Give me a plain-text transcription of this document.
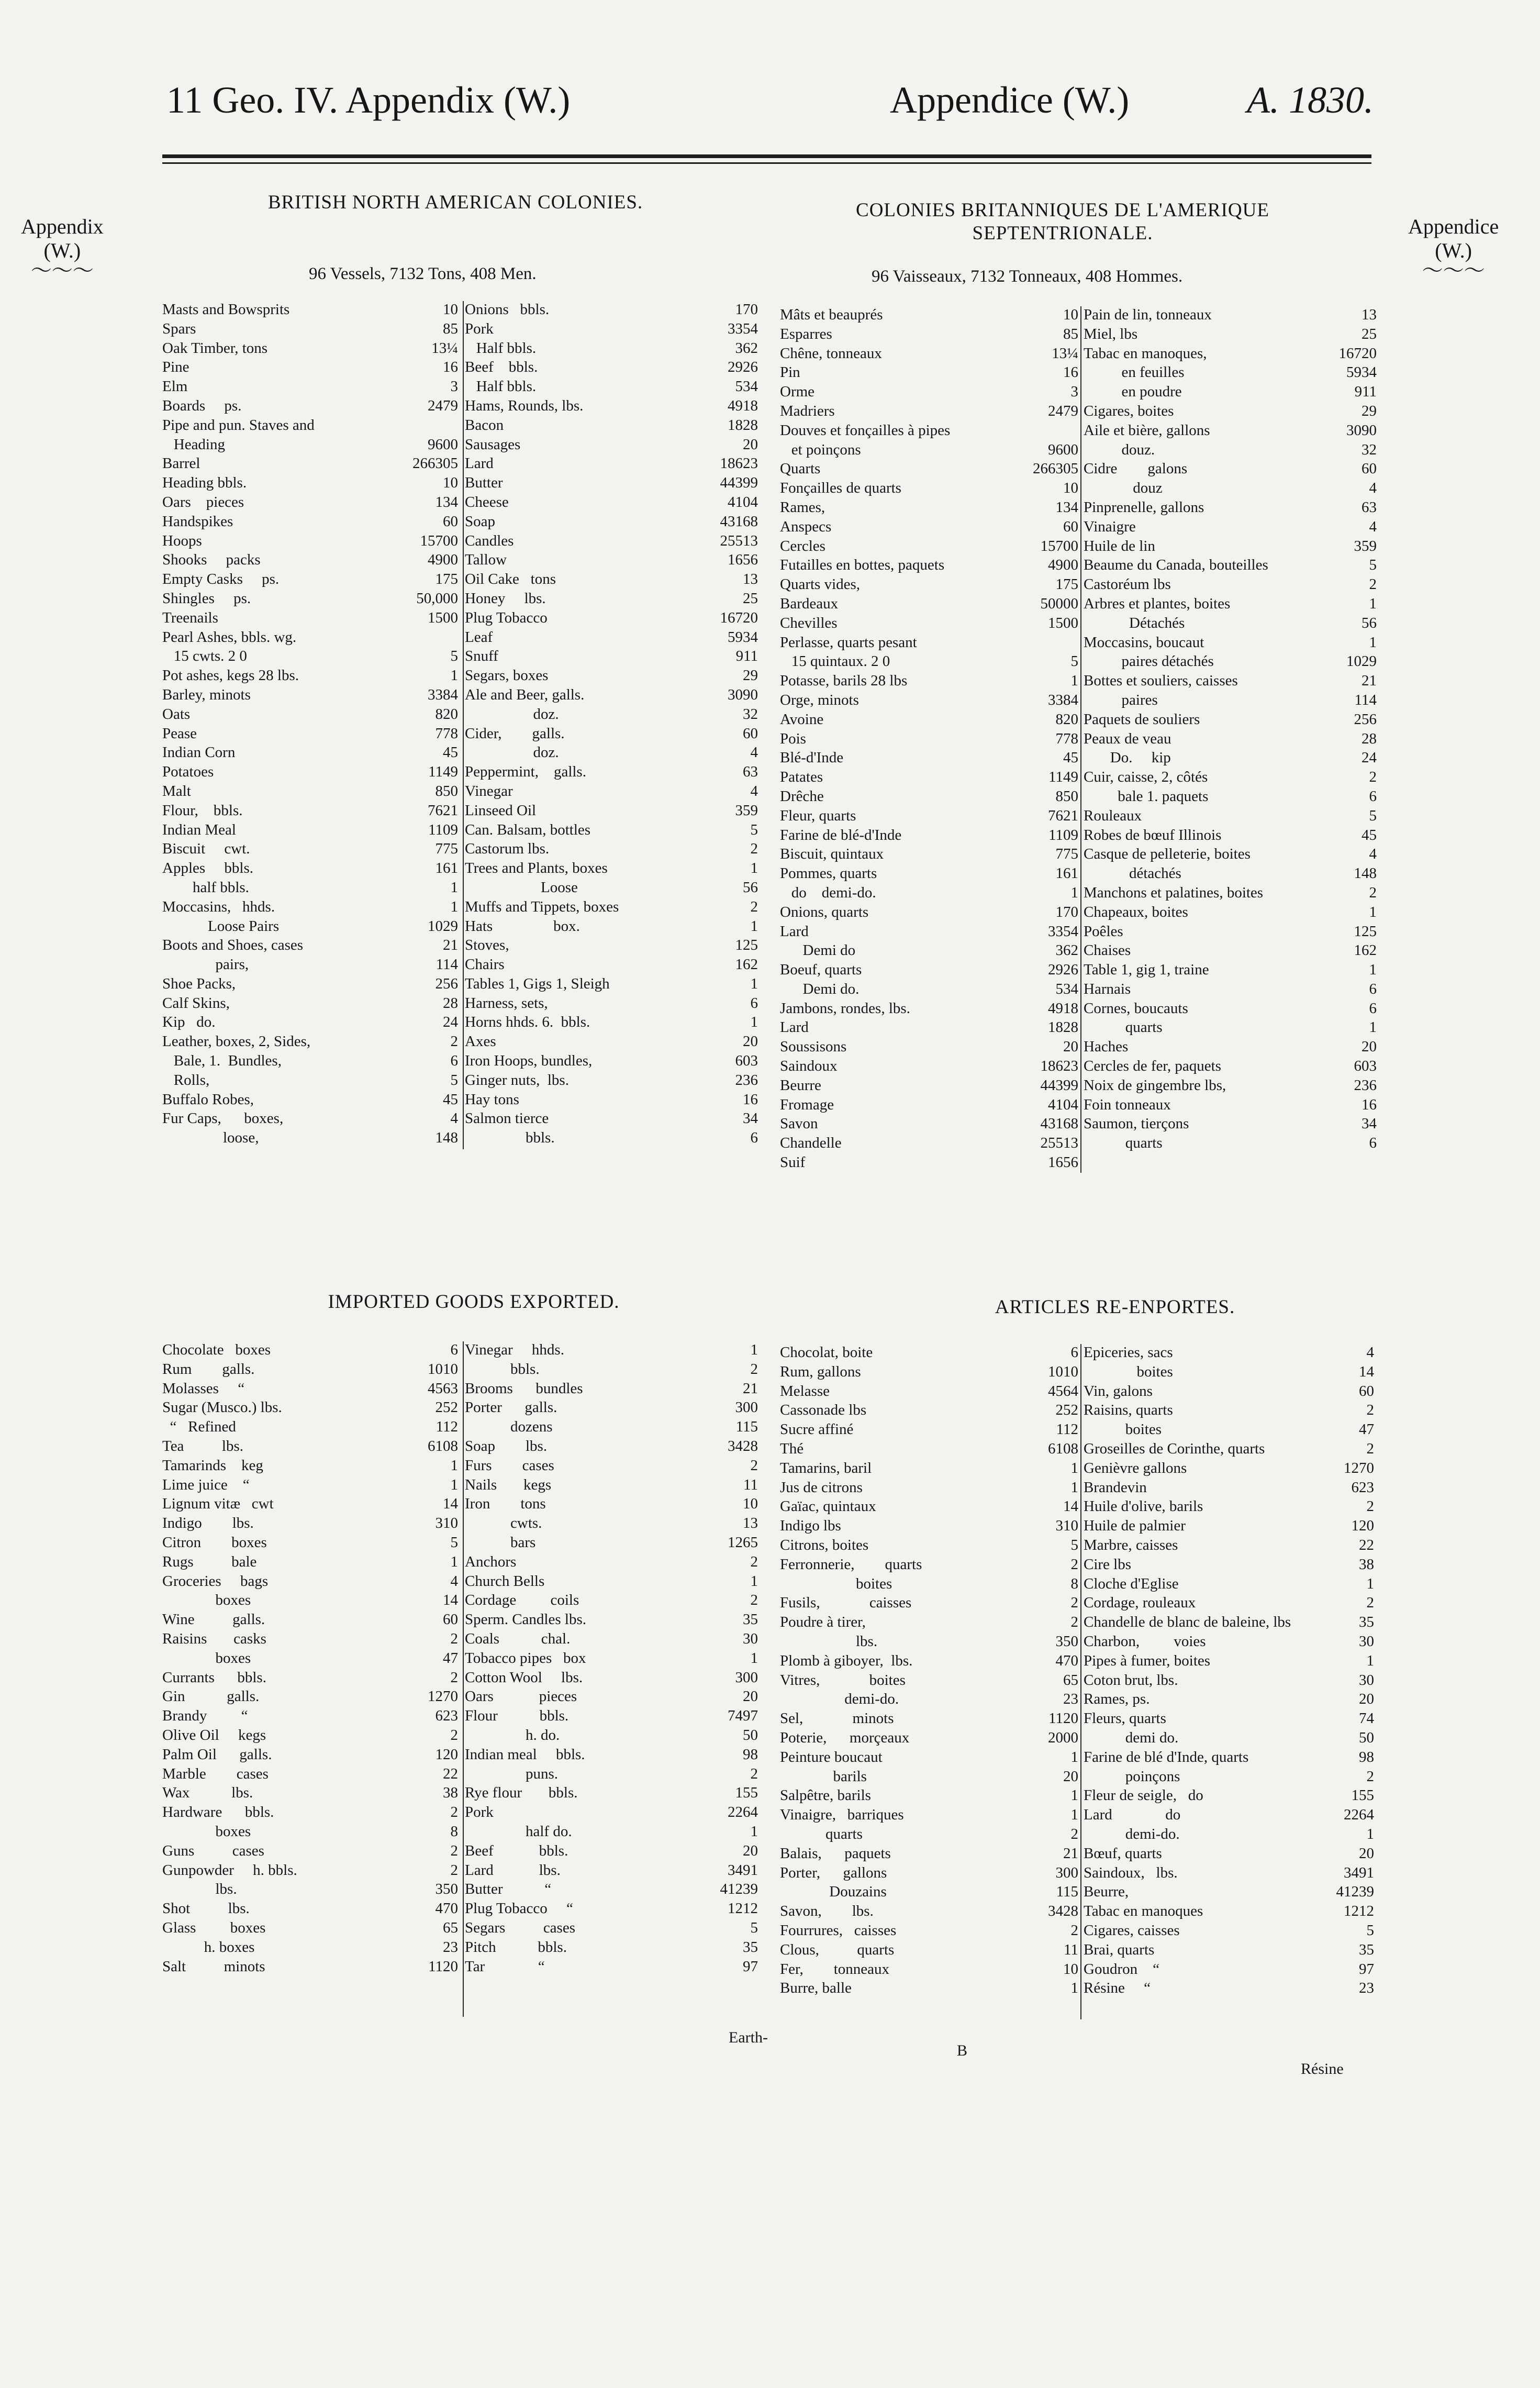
11 Geo. IV. Appendix (W.)	Appendice (W.)	A. 1830.
Appendix
(W.)
〜〜〜
Appendice
(W.)
〜〜〜
BRITISH NORTH AMERICAN COLONIES.	COLONIES BRITANNIQUES DE L'AMERIQUE SEPTENTRIONALE.
96 Vessels, 7132 Tons, 408 Men.	96 Vaisseaux, 7132 Tonneaux, 408 Hommes.
Masts and Bowsprits	10
Spars	85
Oak Timber, tons	13¼
Pine	16
Elm	3
Boards     ps.	2479
Pipe and pun. Staves and
Heading	9600
Barrel	266305
Heading bbls.	10
Oars    pieces	134
Handspikes	60
Hoops	15700
Shooks     packs	4900
Empty Casks     ps.	175
Shingles     ps.	50,000
Treenails	1500
Pearl Ashes, bbls. wg.
15 cwts. 2 0	5
Pot ashes, kegs 28 lbs.	1
Barley, minots	3384
Oats	820
Pease	778
Indian Corn	45
Potatoes	1149
Malt	850
Flour,    bbls.	7621
Indian Meal	1109
Biscuit     cwt.	775
Apples     bbls.	161
half bbls.	1
Moccasins,   hhds.	1
Loose Pairs	1029
Boots and Shoes, cases	21
pairs,	114
Shoe Packs,	256
Calf Skins,	28
Kip   do.	24
Leather, boxes, 2, Sides,	2
Bale, 1.  Bundles,	6
Rolls,	5
Buffalo Robes,	45
Fur Caps,      boxes,	4
loose,	148
Onions   bbls.	170
Pork	3354
Half bbls.	362
Beef    bbls.	2926
Half bbls.	534
Hams, Rounds, lbs.	4918
Bacon	1828
Sausages	20
Lard	18623
Butter	44399
Cheese	4104
Soap	43168
Candles	25513
Tallow	1656
Oil Cake   tons	13
Honey     lbs.	25
Plug Tobacco	16720
Leaf	5934
Snuff	911
Segars, boxes	29
Ale and Beer, galls.	3090
doz.	32
Cider,        galls.	60
doz.	4
Peppermint,    galls.	63
Vinegar	4
Linseed Oil	359
Can. Balsam, bottles	5
Castorum lbs.	2
Trees and Plants, boxes	1
Loose	56
Muffs and Tippets, boxes	2
Hats                box.	1
Stoves,	125
Chairs	162
Tables 1, Gigs 1, Sleigh	1
Harness, sets,	6
Horns hhds. 6.  bbls.	1
Axes	20
Iron Hoops, bundles,	603
Ginger nuts,  lbs.	236
Hay tons	16
Salmon tierce	34
bbls.	6
Mâts et beauprés	10
Esparres	85
Chêne, tonneaux	13¼
Pin	16
Orme	3
Madriers	2479
Douves et fonçailles à pipes
et poinçons	9600
Quarts	266305
Fonçailles de quarts	10
Rames,	134
Anspecs	60
Cercles	15700
Futailles en bottes, paquets	4900
Quarts vides,	175
Bardeaux	50000
Chevilles	1500
Perlasse, quarts pesant
15 quintaux. 2 0	5
Potasse, barils 28 lbs	1
Orge, minots	3384
Avoine	820
Pois	778
Blé-d'Inde	45
Patates	1149
Drêche	850
Fleur, quarts	7621
Farine de blé-d'Inde	1109
Biscuit, quintaux	775
Pommes, quarts	161
do    demi-do.	1
Onions, quarts	170
Lard	3354
Demi do	362
Boeuf, quarts	2926
Demi do.	534
Jambons, rondes, lbs.	4918
Lard	1828
Soussisons	20
Saindoux	18623
Beurre	44399
Fromage	4104
Savon	43168
Chandelle	25513
Suif	1656
Pain de lin, tonneaux	13
Miel, lbs	25
Tabac en manoques,	16720
en feuilles	5934
en poudre	911
Cigares, boites	29
Aile et bière, gallons	3090
douz.	32
Cidre        galons	60
douz	4
Pinprenelle, gallons	63
Vinaigre	4
Huile de lin	359
Beaume du Canada, bouteilles	5
Castoréum lbs	2
Arbres et plantes, boites	1
Détachés	56
Moccasins, boucaut	1
paires détachés	1029
Bottes et souliers, caisses	21
paires	114
Paquets de souliers	256
Peaux de veau	28
Do.     kip	24
Cuir, caisse, 2, côtés	2
bale 1. paquets	6
Rouleaux	5
Robes de bœuf Illinois	45
Casque de pelleterie, boites	4
détachés	148
Manchons et palatines, boites	2
Chapeaux, boites	1
Poêles	125
Chaises	162
Table 1, gig 1, traine	1
Harnais	6
Cornes, boucauts	6
quarts	1
Haches	20
Cercles de fer, paquets	603
Noix de gingembre lbs,	236
Foin tonneaux	16
Saumon, tierçons	34
quarts	6
IMPORTED GOODS EXPORTED.	ARTICLES RE-ENPORTES.
Chocolate   boxes	6
Rum        galls.	1010
Molasses     “	4563
Sugar (Musco.) lbs.	252
“   Refined	112
Tea          lbs.	6108
Tamarinds    keg	1
Lime juice    “	1
Lignum vitæ   cwt	14
Indigo        lbs.	310
Citron        boxes	5
Rugs          bale	1
Groceries     bags	4
boxes	14
Wine          galls.	60
Raisins       casks	2
boxes	47
Currants      bbls.	2
Gin           galls.	1270
Brandy         “	623
Olive Oil     kegs	2
Palm Oil      galls.	120
Marble        cases	22
Wax           lbs.	38
Hardware      bbls.	2
boxes	8
Guns          cases	2
Gunpowder     h. bbls.	2
lbs.	350
Shot          lbs.	470
Glass         boxes	65
h. boxes	23
Salt          minots	1120
Vinegar     hhds.	1
bbls.	2
Brooms      bundles	21
Porter      galls.	300
dozens	115
Soap        lbs.	3428
Furs        cases	2
Nails       kegs	11
Iron        tons	10
cwts.	13
bars	1265
Anchors	2
Church Bells	1
Cordage         coils	2
Sperm. Candles lbs.	35
Coals           chal.	30
Tobacco pipes   box	1
Cotton Wool     lbs.	300
Oars            pieces	20
Flour           bbls.	7497
h. do.	50
Indian meal     bbls.	98
puns.	2
Rye flour       bbls.	155
Pork	2264
half do.	1
Beef            bbls.	20
Lard            lbs.	3491
Butter           “	41239
Plug Tobacco     “	1212
Segars          cases	5
Pitch           bbls.	35
Tar              “	97
Earth-
Chocolat, boite	6
Rum, gallons	1010
Melasse	4564
Cassonade lbs	252
Sucre affiné	112
Thé	6108
Tamarins, baril	1
Jus de citrons	1
Gaïac, quintaux	14
Indigo lbs	310
Citrons, boites	5
Ferronnerie,        quarts	2
boites	8
Fusils,             caisses	2
Poudre à tirer,	2
lbs.	350
Plomb à giboyer,  lbs.	470
Vitres,             boites	65
demi-do.	23
Sel,             minots	1120
Poterie,      morçeaux	2000
Peinture boucaut	1
barils	20
Salpêtre, barils	1
Vinaigre,   barriques	1
quarts	2
Balais,      paquets	21
Porter,      gallons	300
Douzains	115
Savon,        lbs.	3428
Fourrures,   caisses	2
Clous,          quarts	11
Fer,        tonneaux	10
Burre, balle	1
Epiceries, sacs	4
boites	14
Vin, galons	60
Raisins, quarts	2
boites	47
Groseilles de Corinthe, quarts	2
Genièvre gallons	1270
Brandevin	623
Huile d'olive, barils	2
Huile de palmier	120
Marbre, caisses	22
Cire lbs	38
Cloche d'Eglise	1
Cordage, rouleaux	2
Chandelle de blanc de baleine, lbs	35
Charbon,         voies	30
Pipes à fumer, boites	1
Coton brut, lbs.	30
Rames, ps.	20
Fleurs, quarts	74
demi do.	50
Farine de blé d'Inde, quarts	98
poinçons	2
Fleur de seigle,   do	155
Lard              do	2264
demi-do.	1
Bœuf, quarts	20
Saindoux,   lbs.	3491
Beurre,	41239
Tabac en manoques	1212
Cigares, caisses	5
Brai, quarts	35
Goudron    “	97
Résine     “	23
Résine
B
